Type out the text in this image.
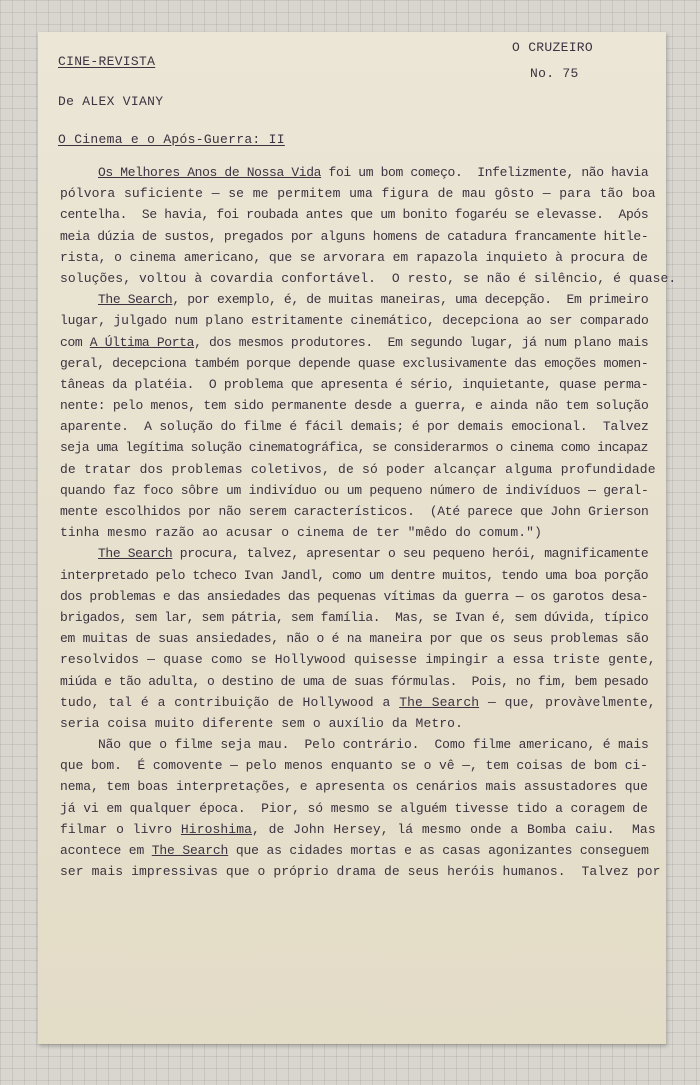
CINE-REVISTA
O CRUZEIRO
No. 75
De ALEX VIANY
O Cinema e o Após-Guerra: II
Os Melhores Anos de Nossa Vida foi um bom começo.  Infelizmente, não havia
pólvora suficiente — se me permitem uma figura de mau gôsto — para tão boa
centelha.  Se havia, foi roubada antes que um bonito fogaréu se elevasse.  Após
meia dúzia de sustos, pregados por alguns homens de catadura francamente hitle-
rista, o cinema americano, que se arvorara em rapazola inquieto à procura de
soluções, voltou à covardia confortável.  O resto, se não é silêncio, é quase.
The Search, por exemplo, é, de muitas maneiras, uma decepção.  Em primeiro
lugar, julgado num plano estritamente cinemático, decepciona ao ser comparado
com A Última Porta, dos mesmos produtores.  Em segundo lugar, já num plano mais
geral, decepciona também porque depende quase exclusivamente das emoções momen-
tâneas da platéia.  O problema que apresenta é sério, inquietante, quase perma-
nente: pelo menos, tem sido permanente desde a guerra, e ainda não tem solução
aparente.  A solução do filme é fácil demais; é por demais emocional.  Talvez
seja uma legítima solução cinematográfica, se considerarmos o cinema como incapaz
de tratar dos problemas coletivos, de só poder alcançar alguma profundidade
quando faz foco sôbre um indivíduo ou um pequeno número de indivíduos — geral-
mente escolhidos por não serem característicos.  (Até parece que John Grierson
tinha mesmo razão ao acusar o cinema de ter "mêdo do comum.")
The Search procura, talvez, apresentar o seu pequeno herói, magnificamente
interpretado pelo tcheco Ivan Jandl, como um dentre muitos, tendo uma boa porção
dos problemas e das ansiedades das pequenas vítimas da guerra — os garotos desa-
brigados, sem lar, sem pátria, sem família.  Mas, se Ivan é, sem dúvida, típico
em muitas de suas ansiedades, não o é na maneira por que os seus problemas são
resolvidos — quase como se Hollywood quisesse impingir a essa triste gente,
miúda e tão adulta, o destino de uma de suas fórmulas.  Pois, no fim, bem pesado
tudo, tal é a contribuição de Hollywood a The Search — que, provàvelmente,
seria coisa muito diferente sem o auxílio da Metro.
Não que o filme seja mau.  Pelo contrário.  Como filme americano, é mais
que bom.  É comovente — pelo menos enquanto se o vê —, tem coisas de bom ci-
nema, tem boas interpretações, e apresenta os cenários mais assustadores que
já vi em qualquer época.  Pior, só mesmo se alguém tivesse tido a coragem de
filmar o livro Hiroshima, de John Hersey, lá mesmo onde a Bomba caiu.  Mas
acontece em The Search que as cidades mortas e as casas agonizantes conseguem
ser mais impressivas que o próprio drama de seus heróis humanos.  Talvez por
